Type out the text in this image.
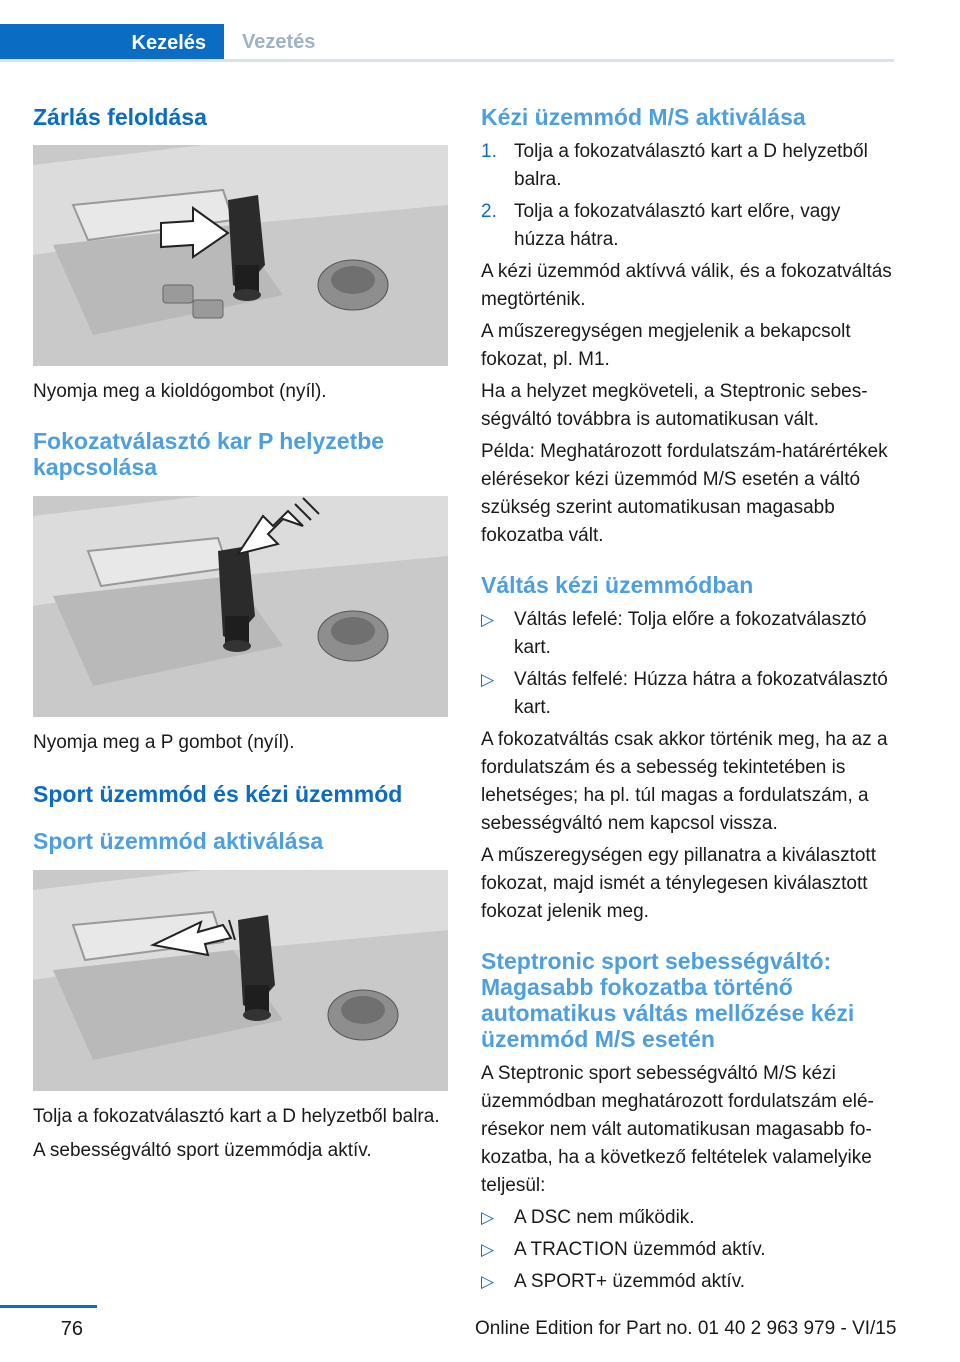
Kezelés	Vezetés
Zárlás feloldása

Nyomja meg a kioldógombot (nyíl).

Fokozatválasztó kar P helyzetbe kapcsolása

Nyomja meg a P gombot (nyíl).

Sport üzemmód és kézi üzemmód
Sport üzemmód aktiválása

Tolja a fokozatválasztó kart a D helyzetből balra.

A sebességváltó sport üzemmódja aktív.

Kézi üzemmód M/S aktiválása
1. Tolja a fokozatválasztó kart a D helyzetből balra.
2. Tolja a fokozatválasztó kart előre, vagy húzza hátra.

A kézi üzemmód aktívvá válik, és a fokozatváltás megtörténik.

A műszeregységen megjelenik a bekapcsolt fokozat, pl. M1.

Ha a helyzet megköveteli, a Steptronic sebességváltó továbbra is automatikusan vált.

Példa: Meghatározott fordulatszám-határértékek elérésekor kézi üzemmód M/S esetén a váltó szükség szerint automatikusan magasabb fokozatba vált.

Váltás kézi üzemmódban
▷ Váltás lefelé: Tolja előre a fokozatválasztó kart.
▷ Váltás felfelé: Húzza hátra a fokozatválasztó kart.

A fokozatváltás csak akkor történik meg, ha az a fordulatszám és a sebesség tekintetében is lehetséges; ha pl. túl magas a fordulatszám, a sebességváltó nem kapcsol vissza.

A műszeregységen egy pillanatra a kiválasztott fokozat, majd ismét a ténylegesen kiválasztott fokozat jelenik meg.

Steptronic sport sebességváltó: Magasabb fokozatba történő automatikus váltás mellőzése kézi üzemmód M/S esetén

A Steptronic sport sebességváltó M/S kézi üzemmódban meghatározott fordulatszám elérésekor nem vált automatikusan magasabb fokozatba, ha a következő feltételek valamelyike teljesül:

▷ A DSC nem működik.
▷ A TRACTION üzemmód aktív.
▷ A SPORT+ üzemmód aktív.
76	Online Edition for Part no. 01 40 2 963 979 - VI/15
